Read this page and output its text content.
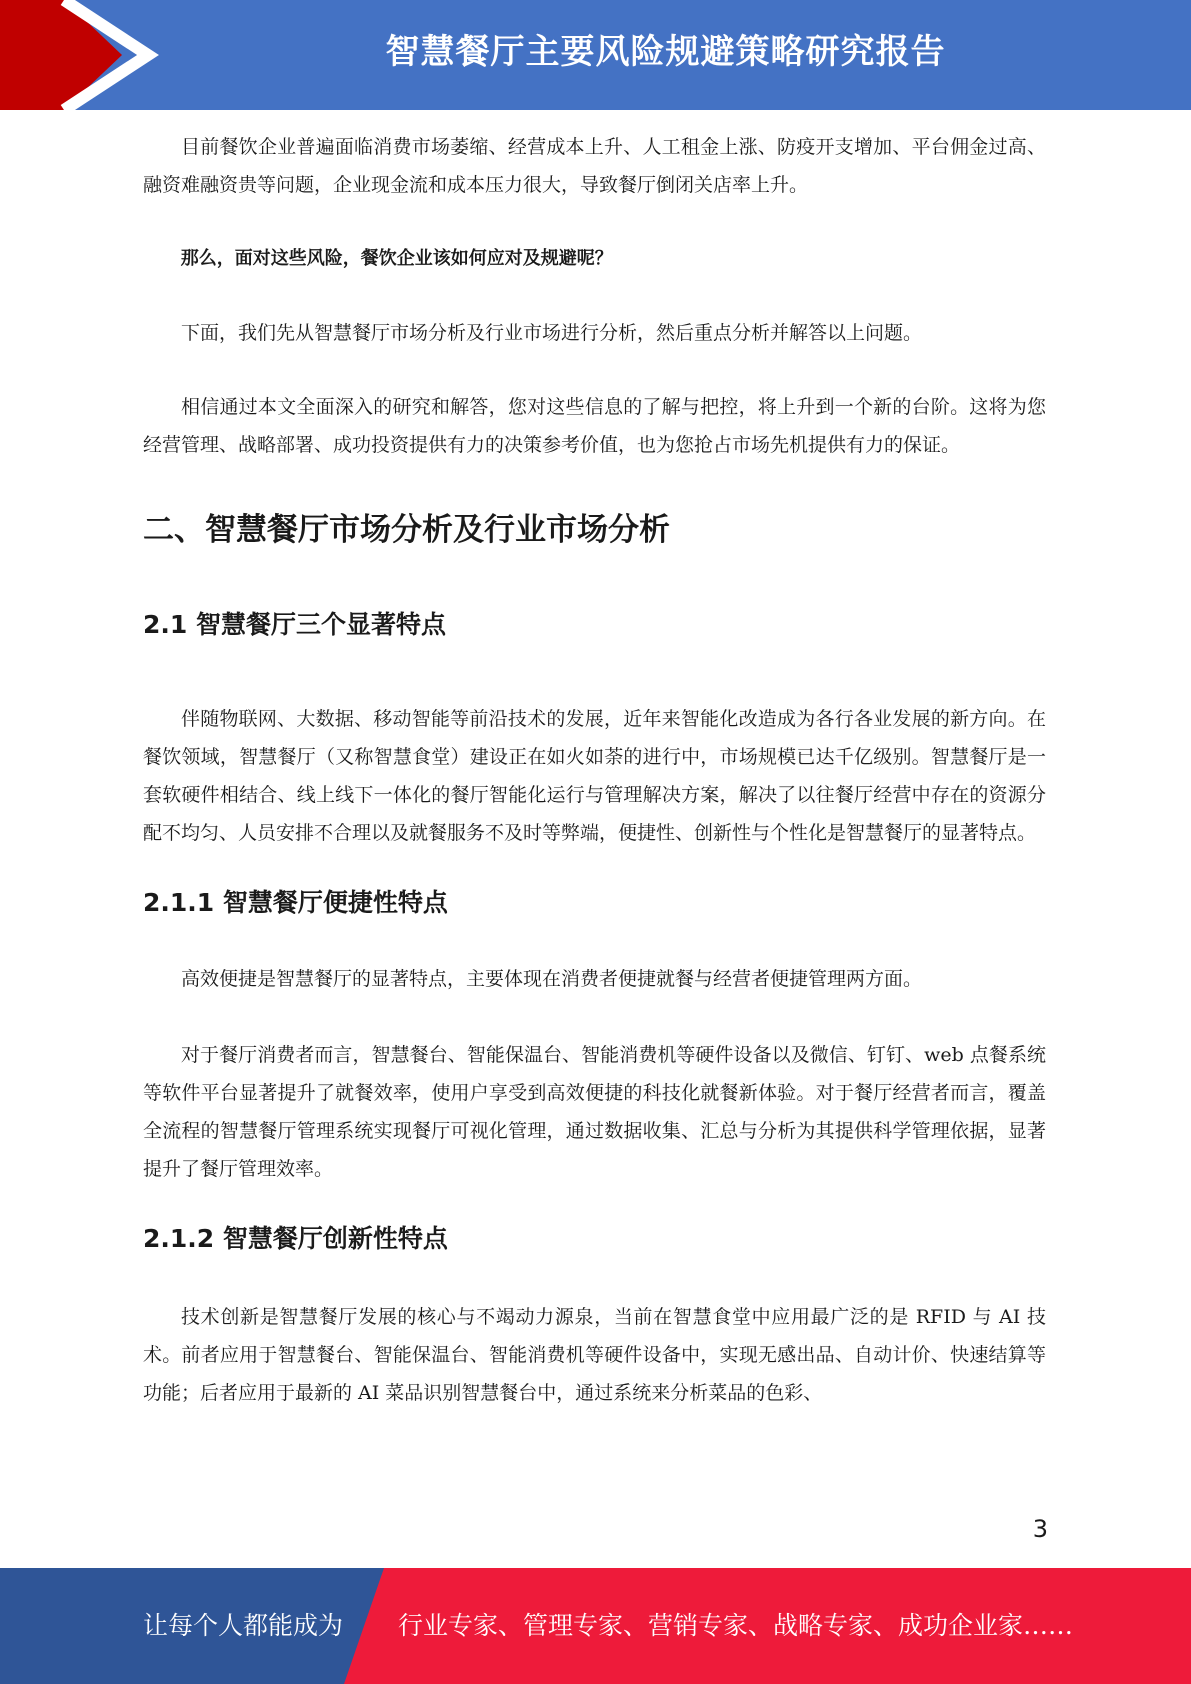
智慧餐厅主要风险规避策略研究报告

目前餐饮企业普遍面临消费市场萎缩、经营成本上升、人工租金上涨、防疫开支增加、平台佣金过高、融资难融资贵等问题，企业现金流和成本压力很大，导致餐厅倒闭关店率上升。

那么，面对这些风险，餐饮企业该如何应对及规避呢？

下面，我们先从智慧餐厅市场分析及行业市场进行分析，然后重点分析并解答以上问题。

相信通过本文全面深入的研究和解答，您对这些信息的了解与把控，将上升到一个新的台阶。这将为您经营管理、战略部署、成功投资提供有力的决策参考价值，也为您抢占市场先机提供有力的保证。

二、智慧餐厅市场分析及行业市场分析
2.1 智慧餐厅三个显著特点

伴随物联网、大数据、移动智能等前沿技术的发展，近年来智能化改造成为各行各业发展的新方向。在餐饮领域，智慧餐厅（又称智慧食堂）建设正在如火如荼的进行中，市场规模已达千亿级别。智慧餐厅是一套软硬件相结合、线上线下一体化的餐厅智能化运行与管理解决方案，解决了以往餐厅经营中存在的资源分配不均匀、人员安排不合理以及就餐服务不及时等弊端，便捷性、创新性与个性化是智慧餐厅的显著特点。

2.1.1 智慧餐厅便捷性特点

高效便捷是智慧餐厅的显著特点，主要体现在消费者便捷就餐与经营者便捷管理两方面。

对于餐厅消费者而言，智慧餐台、智能保温台、智能消费机等硬件设备以及微信、钉钉、web 点餐系统等软件平台显著提升了就餐效率，使用户享受到高效便捷的科技化就餐新体验。对于餐厅经营者而言，覆盖全流程的智慧餐厅管理系统实现餐厅可视化管理，通过数据收集、汇总与分析为其提供科学管理依据，显著提升了餐厅管理效率。

2.1.2 智慧餐厅创新性特点

技术创新是智慧餐厅发展的核心与不竭动力源泉，当前在智慧食堂中应用最广泛的是 RFID 与 AI 技术。前者应用于智慧餐台、智能保温台、智能消费机等硬件设备中，实现无感出品、自动计价、快速结算等功能；后者应用于最新的 AI 菜品识别智慧餐台中，通过系统来分析菜品的色彩、

3
让每个人都能成为 行业专家、管理专家、营销专家、战略专家、成功企业家……
